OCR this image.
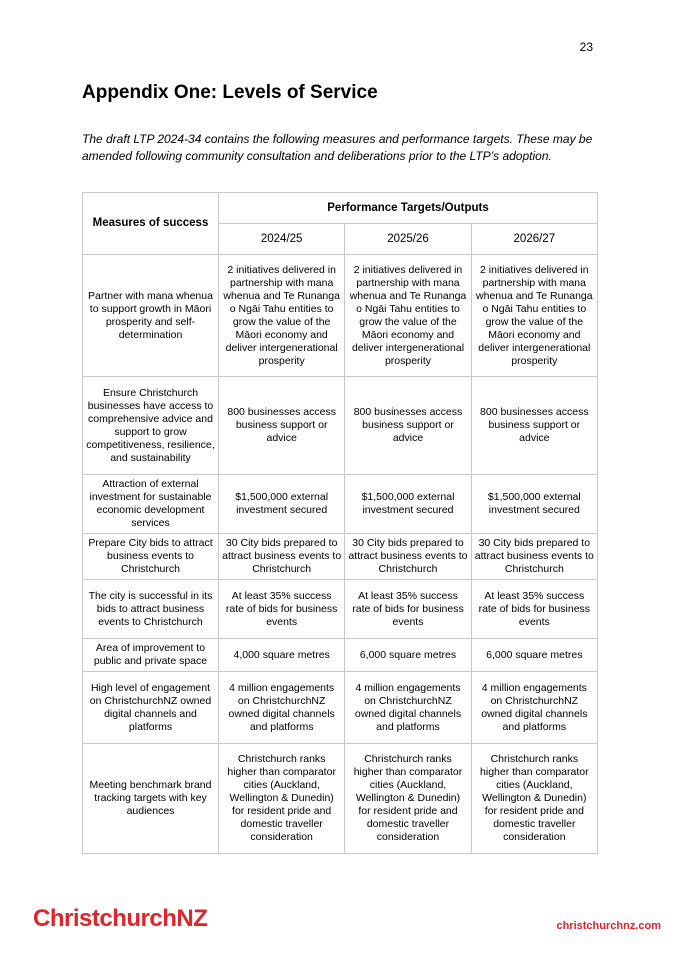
23
Appendix One: Levels of Service

The draft LTP 2024-34 contains the following measures and performance targets. These may be amended following community consultation and deliberations prior to the LTP’s adoption.

Measures of success	Performance Targets/Outputs		
	2024/25	2025/26	2026/27
Partner with mana whenua to support growth in Māori prosperity and self-determination	2 initiatives delivered in partnership with mana whenua and Te Runanga o Ngāi Tahu entities to grow the value of the Māori economy and deliver intergenerational prosperity	2 initiatives delivered in partnership with mana whenua and Te Runanga o Ngāi Tahu entities to grow the value of the Māori economy and deliver intergenerational prosperity	2 initiatives delivered in partnership with mana whenua and Te Runanga o Ngāi Tahu entities to grow the value of the Māori economy and deliver intergenerational prosperity
Ensure Christchurch businesses have access to comprehensive advice and support to grow competitiveness, resilience, and sustainability	800 businesses access business support or advice	800 businesses access business support or advice	800 businesses access business support or advice
Attraction of external investment for sustainable economic development services	$1,500,000 external investment secured	$1,500,000 external investment secured	$1,500,000 external investment secured
Prepare City bids to attract business events to Christchurch	30 City bids prepared to attract business events to Christchurch	30 City bids prepared to attract business events to Christchurch	30 City bids prepared to attract business events to Christchurch
The city is successful in its bids to attract business events to Christchurch	At least 35% success rate of bids for business events	At least 35% success rate of bids for business events	At least 35% success rate of bids for business events
Area of improvement to public and private space	4,000 square metres	6,000 square metres	6,000 square metres
High level of engagement on ChristchurchNZ owned digital channels and platforms	4 million engagements on ChristchurchNZ owned digital channels and platforms	4 million engagements on ChristchurchNZ owned digital channels and platforms	4 million engagements on ChristchurchNZ owned digital channels and platforms
Meeting benchmark brand tracking targets with key audiences	Christchurch ranks higher than comparator cities (Auckland, Wellington & Dunedin) for resident pride and domestic traveller consideration	Christchurch ranks higher than comparator cities (Auckland, Wellington & Dunedin) for resident pride and domestic traveller consideration	Christchurch ranks higher than comparator cities (Auckland, Wellington & Dunedin) for resident pride and domestic traveller consideration
ChristchurchNZ	christchurchnz.com
